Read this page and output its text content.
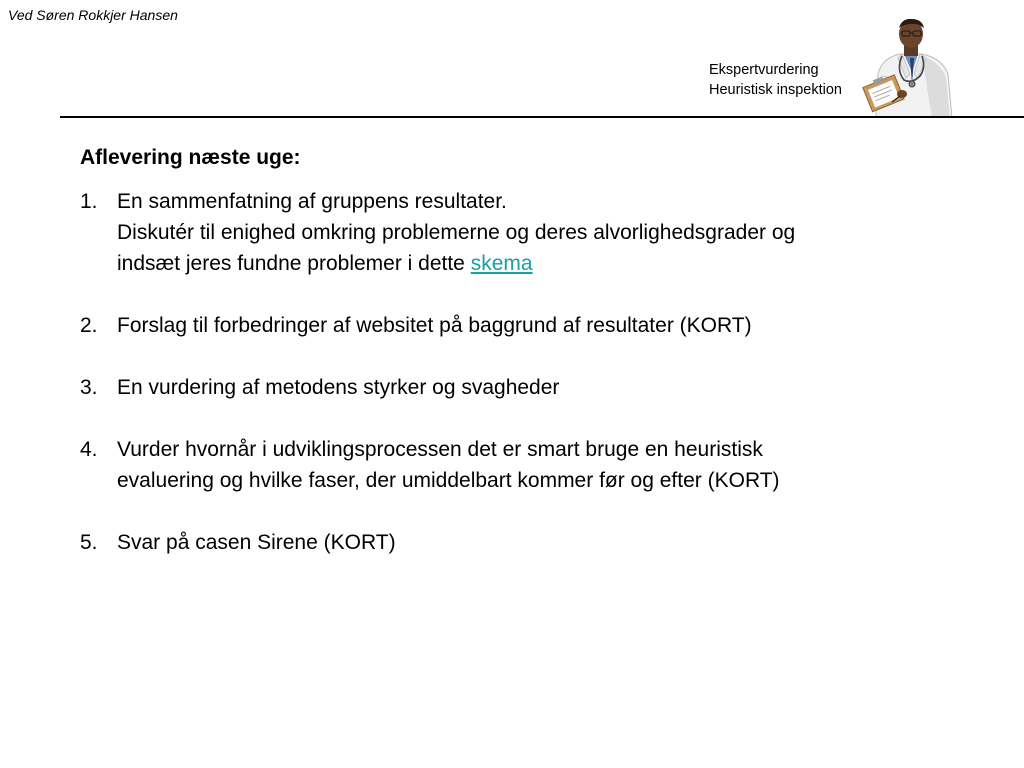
Ved Søren Rokkjer Hansen
Ekspertvurdering
Heuristisk inspektion
Aflevering næste uge:
1. En sammenfatning af gruppens resultater.
Diskutér til enighed omkring problemerne og deres alvorlighedsgrader og
indsæt jeres fundne problemer i dette skema
2. Forslag til forbedringer af websitet på baggrund af resultater (KORT)
3. En vurdering af metodens styrker og svagheder
4. Vurder hvornår i udviklingsprocessen det er smart bruge en heuristisk
evaluering og hvilke faser, der umiddelbart kommer før og efter (KORT)
5. Svar på casen Sirene (KORT)
